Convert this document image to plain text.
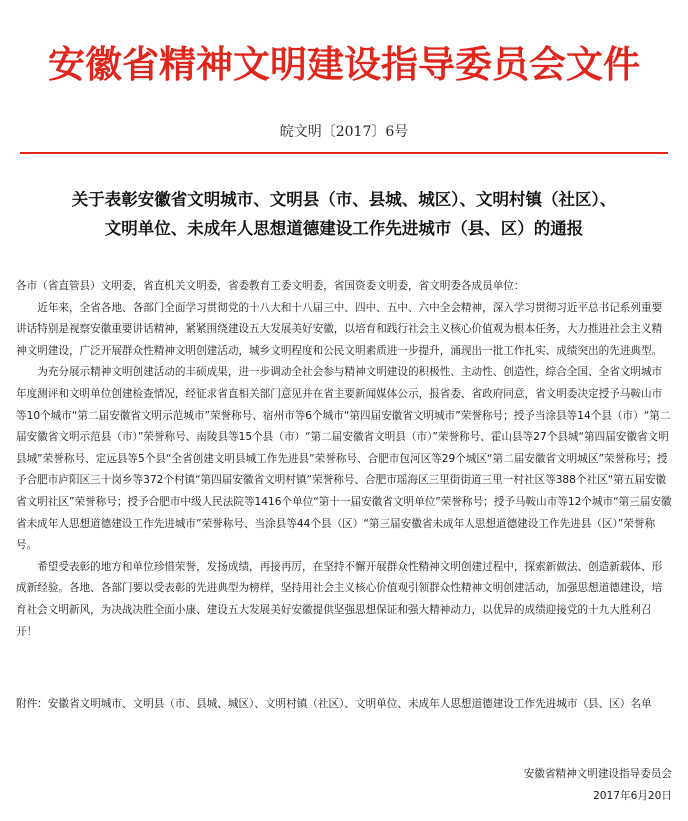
安徽省精神文明建设指导委员会文件
皖文明〔2017〕6号
关于表彰安徽省文明城市、文明县（市、县城、城区）、文明村镇（社区）、
文明单位、未成年人思想道德建设工作先进城市（县、区）的通报

各市（省直管县）文明委，省直机关文明委，省委教育工委文明委，省国资委文明委，省文明委各成员单位：

近年来，全省各地、各部门全面学习贯彻党的十八大和十八届三中、四中、五中、六中全会精神，深入学习贯彻习近平总书记系列重要讲话特别是视察安徽重要讲话精神，紧紧围绕建设五大发展美好安徽，以培育和践行社会主义核心价值观为根本任务，大力推进社会主义精神文明建设，广泛开展群众性精神文明创建活动，城乡文明程度和公民文明素质进一步提升，涌现出一批工作扎实、成绩突出的先进典型。

为充分展示精神文明创建活动的丰硕成果，进一步调动全社会参与精神文明建设的积极性、主动性、创造性，综合全国、全省文明城市年度测评和文明单位创建检查情况，经征求省直相关部门意见并在省主要新闻媒体公示，报省委、省政府同意，省文明委决定授予马鞍山市等10个城市“第二届安徽省文明示范城市”荣誉称号、宿州市等6个城市“第四届安徽省文明城市”荣誉称号；授予当涂县等14个县（市）“第二届安徽省文明示范县（市）”荣誉称号、南陵县等15个县（市）“第二届安徽省文明县（市）”荣誉称号、霍山县等27个县城“第四届安徽省文明县城”荣誉称号、定远县等5个县“全省创建文明县城工作先进县”荣誉称号、合肥市包河区等29个城区“第二届安徽省文明城区”荣誉称号；授予合肥市庐阳区三十岗乡等372个村镇“第四届安徽省文明村镇”荣誉称号、合肥市瑶海区三里街街道三里一村社区等388个社区“第五届安徽省文明社区”荣誉称号；授予合肥市中级人民法院等1416个单位“第十一届安徽省文明单位”荣誉称号；授予马鞍山市等12个城市“第三届安徽省未成年人思想道德建设工作先进城市”荣誉称号、当涂县等44个县（区）“第三届安徽省未成年人思想道德建设工作先进县（区）”荣誉称号。

希望受表彰的地方和单位珍惜荣誉，发扬成绩，再接再厉，在坚持不懈开展群众性精神文明创建过程中，探索新做法、创造新载体、形成新经验。各地、各部门要以受表彰的先进典型为榜样，坚持用社会主义核心价值观引领群众性精神文明创建活动，加强思想道德建设，培育社会文明新风，为决战决胜全面小康、建设五大发展美好安徽提供坚强思想保证和强大精神动力，以优异的成绩迎接党的十九大胜利召开！

附件：安徽省文明城市、文明县（市、县城、城区）、文明村镇（社区）、文明单位、未成年人思想道德建设工作先进城市（县、区）名单
安徽省精神文明建设指导委员会
2017年6月20日
